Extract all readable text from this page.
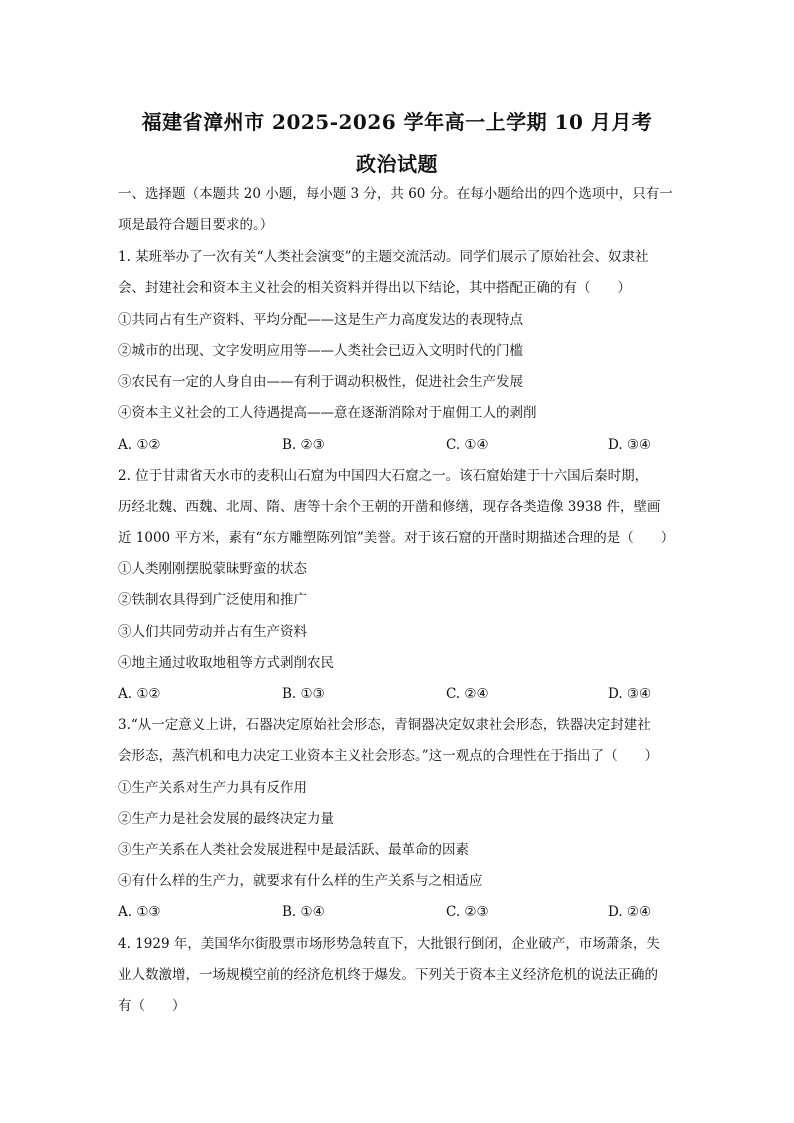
福建省漳州市 2025-2026 学年高一上学期 10 月月考
政治试题
一、选择题（本题共 20 小题，每小题 3 分，共 60 分。在每小题给出的四个选项中，只有一
项是最符合题目要求的。）
1. 某班举办了一次有关“人类社会演变”的主题交流活动。同学们展示了原始社会、奴隶社
会、封建社会和资本主义社会的相关资料并得出以下结论，其中搭配正确的有（　　）
①共同占有生产资料、平均分配——这是生产力高度发达的表现特点
②城市的出现、文字发明应用等——人类社会已迈入文明时代的门槛
③农民有一定的人身自由——有利于调动积极性，促进社会生产发展
④资本主义社会的工人待遇提高——意在逐渐消除对于雇佣工人的剥削
A. ①②	B. ②③	C. ①④	D. ③④
2. 位于甘肃省天水市的麦积山石窟为中国四大石窟之一。该石窟始建于十六国后秦时期，
历经北魏、西魏、北周、隋、唐等十余个王朝的开凿和修缮，现存各类造像 3938 件，壁画
近 1000 平方米，素有“东方雕塑陈列馆”美誉。对于该石窟的开凿时期描述合理的是（　　）
①人类刚刚摆脱蒙昧野蛮的状态
②铁制农具得到广泛使用和推广
③人们共同劳动并占有生产资料
④地主通过收取地租等方式剥削农民
A. ①②	B. ①③	C. ②④	D. ③④
3.“从一定意义上讲，石器决定原始社会形态，青铜器决定奴隶社会形态，铁器决定封建社
会形态，蒸汽机和电力决定工业资本主义社会形态。”这一观点的合理性在于指出了（　　）
①生产关系对生产力具有反作用
②生产力是社会发展的最终决定力量
③生产关系在人类社会发展进程中是最活跃、最革命的因素
④有什么样的生产力，就要求有什么样的生产关系与之相适应
A. ①③	B. ①④	C. ②③	D. ②④
4. 1929 年，美国华尔街股票市场形势急转直下，大批银行倒闭，企业破产，市场萧条，失
业人数激增，一场规模空前的经济危机终于爆发。下列关于资本主义经济危机的说法正确的
有（　　）
